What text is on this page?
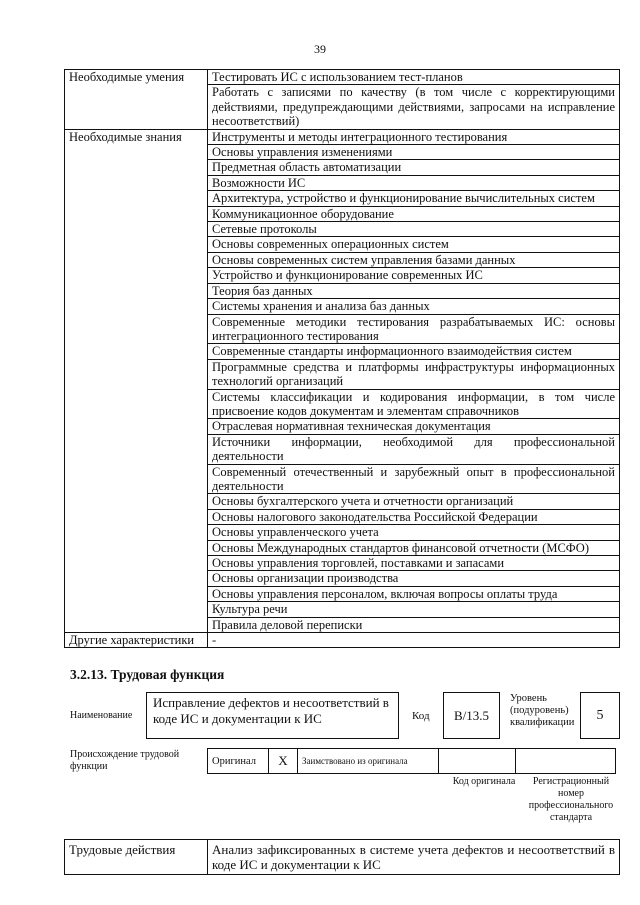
39
Необходимые умения	Тестировать ИС с использованием тест-планов
	Работать с записями по качеству (в том числе с корректирующими действиями, предупреждающими действиями, запросами на исправление несоответствий)
Необходимые знания	Инструменты и методы интеграционного тестирования
	Основы управления изменениями
	Предметная область автоматизации
	Возможности ИС
	Архитектура, устройство и функционирование вычислительных систем
	Коммуникационное оборудование
	Сетевые протоколы
	Основы современных операционных систем
	Основы современных систем управления базами данных
	Устройство и функционирование современных ИС
	Теория баз данных
	Системы хранения и анализа баз данных
	Современные методики тестирования разрабатываемых ИС: основы интеграционного тестирования
	Современные стандарты информационного взаимодействия систем
	Программные средства и платформы инфраструктуры информационных технологий организаций
	Системы классификации и кодирования информации, в том числе присвоение кодов документам и элементам справочников
	Отраслевая нормативная техническая документация
	Источники информации, необходимой для профессиональной деятельности
	Современный отечественный и зарубежный опыт в профессиональной деятельности
	Основы бухгалтерского учета и отчетности организаций
	Основы налогового законодательства Российской Федерации
	Основы управленческого учета
	Основы Международных стандартов финансовой отчетности (МСФО)
	Основы управления торговлей, поставками и запасами
	Основы организации производства
	Основы управления персоналом, включая вопросы оплаты труда
	Культура речи
	Правила деловой переписки
Другие характеристики	-
3.2.13. Трудовая функция
Наименование
Исправление дефектов и несоответствий в коде ИС и документации к ИС	Код	B/13.5
Уровень (подуровень) квалификации	5
Происхождение трудовой функции	Оригинал	X	Заимствовано из оригинала
Код оригинала	Регистрационный номер профессионального стандарта
Трудовые действия	Анализ зафиксированных в системе учета дефектов и несоответствий в коде ИС и документации к ИС
